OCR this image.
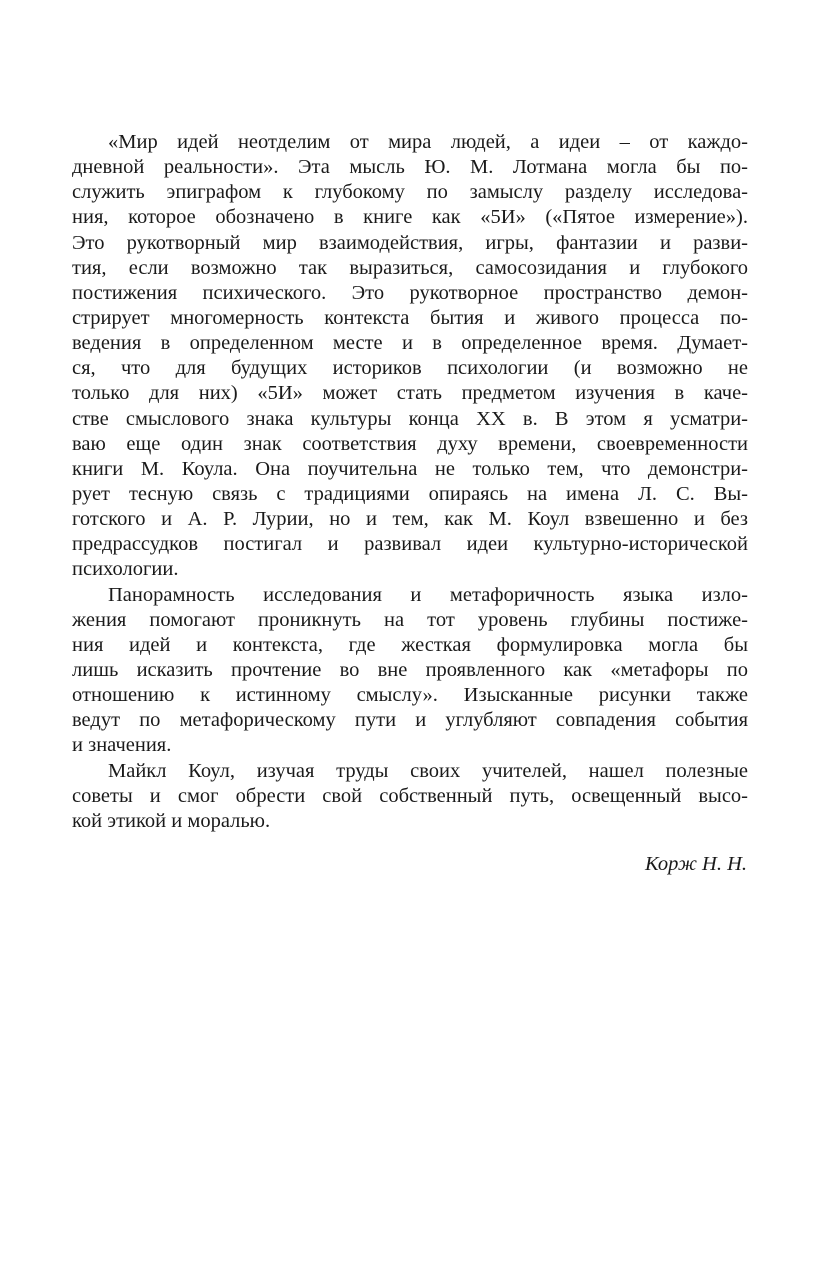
«Мир идей неотделим от мира людей, а идеи – от каждо-
дневной реальности». Эта мысль Ю. М. Лотмана могла бы по-
служить эпиграфом к глубокому по замыслу разделу исследова-
ния, которое обозначено в книге как «5И» («Пятое измерение»).
Это рукотворный мир взаимодействия, игры, фантазии и разви-
тия, если возможно так выразиться, самосозидания и глубокого
постижения психического. Это рукотворное пространство демон-
стрирует многомерность контекста бытия и живого процесса по-
ведения в определенном месте и в определенное время. Думает-
ся, что для будущих историков психологии (и возможно не
только для них) «5И» может стать предметом изучения в каче-
стве смыслового знака культуры конца XX в. В этом я усматри-
ваю еще один знак соответствия духу времени, своевременности
книги М. Коула. Она поучительна не только тем, что демонстри-
рует тесную связь с традициями опираясь на имена Л. С. Вы-
готского и А. Р. Лурии, но и тем, как М. Коул взвешенно и без
предрассудков постигал и развивал идеи культурно-исторической
психологии.
Панорамность исследования и метафоричность языка изло-
жения помогают проникнуть на тот уровень глубины постиже-
ния идей и контекста, где жесткая формулировка могла бы
лишь исказить прочтение во вне проявленного как «метафоры по
отношению к истинному смыслу». Изысканные рисунки также
ведут по метафорическому пути и углубляют совпадения события
и значения.
Майкл Коул, изучая труды своих учителей, нашел полезные
советы и смог обрести свой собственный путь, освещенный высо-
кой этикой и моралью.
Корж Н. Н.
